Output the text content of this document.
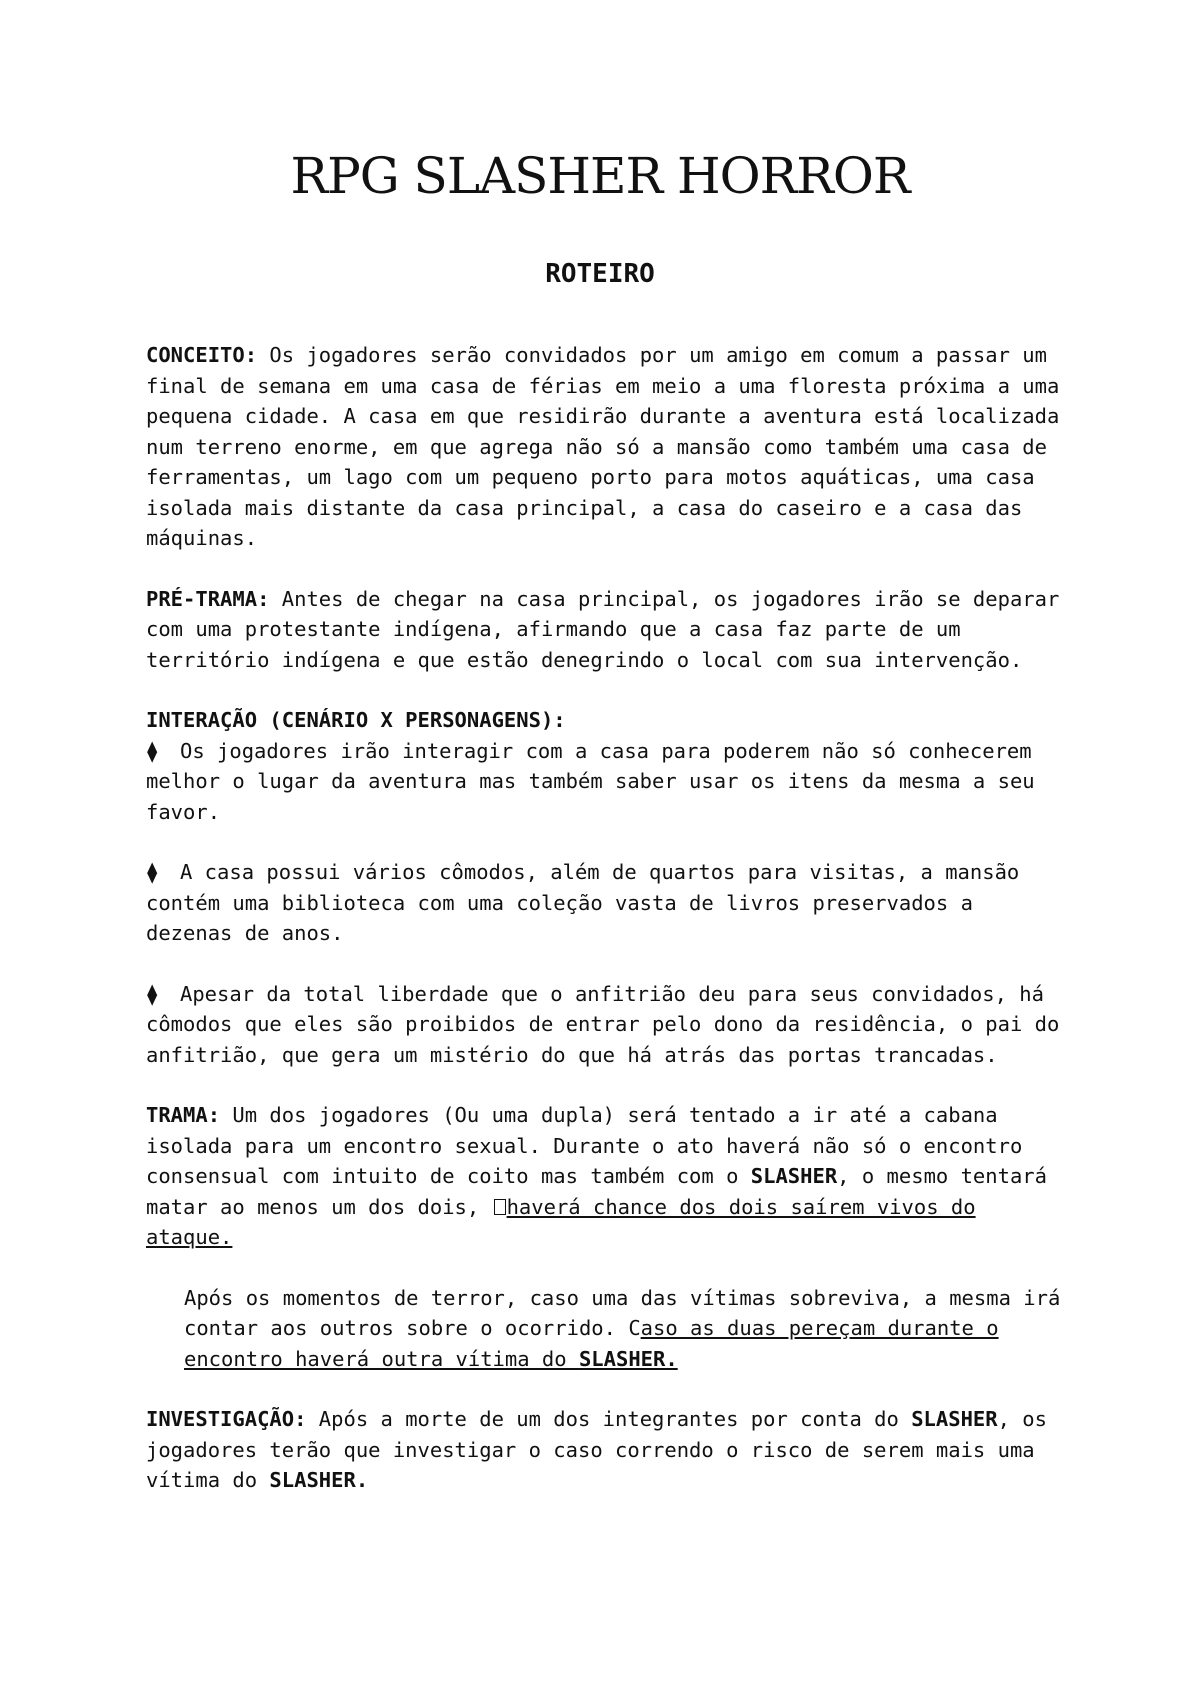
RPG SLASHER HORROR
ROTEIRO

CONCEITO: Os jogadores serão convidados por um amigo em comum a passar um final de semana em uma casa de férias em meio a uma floresta próxima a uma pequena cidade. A casa em que residirão durante a aventura está localizada num terreno enorme, em que agrega não só a mansão como também uma casa de ferramentas, um lago com um pequeno porto para motos aquáticas, uma casa isolada mais distante da casa principal, a casa do caseiro e a casa das máquinas.

PRÉ-TRAMA: Antes de chegar na casa principal, os jogadores irão se deparar com uma protestante indígena, afirmando que a casa faz parte de um território indígena e que estão denegrindo o local com sua intervenção.

INTERAÇÃO (CENÁRIO X PERSONAGENS):

⧫ Os jogadores irão interagir com a casa para poderem não só conhecerem melhor o lugar da aventura mas também saber usar os itens da mesma a seu favor.

⧫ A casa possui vários cômodos, além de quartos para visitas, a mansão contém uma biblioteca com uma coleção vasta de livros preservados a dezenas de anos.

⧫ Apesar da total liberdade que o anfitrião deu para seus convidados, há cômodos que eles são proibidos de entrar pelo dono da residência, o pai do anfitrião, que gera um mistério do que há atrás das portas trancadas.

TRAMA: Um dos jogadores (Ou uma dupla) será tentado a ir até a cabana isolada para um encontro sexual. Durante o ato haverá não só o encontro consensual com intuito de coito mas também com o SLASHER, o mesmo tentará matar ao menos um dos dois, haverá chance dos dois saírem vivos do ataque.

Após os momentos de terror, caso uma das vítimas sobreviva, a mesma irá contar aos outros sobre o ocorrido. Caso as duas pereçam durante o encontro haverá outra vítima do SLASHER.

INVESTIGAÇÃO: Após a morte de um dos integrantes por conta do SLASHER, os jogadores terão que investigar o caso correndo o risco de serem mais uma vítima do SLASHER.
